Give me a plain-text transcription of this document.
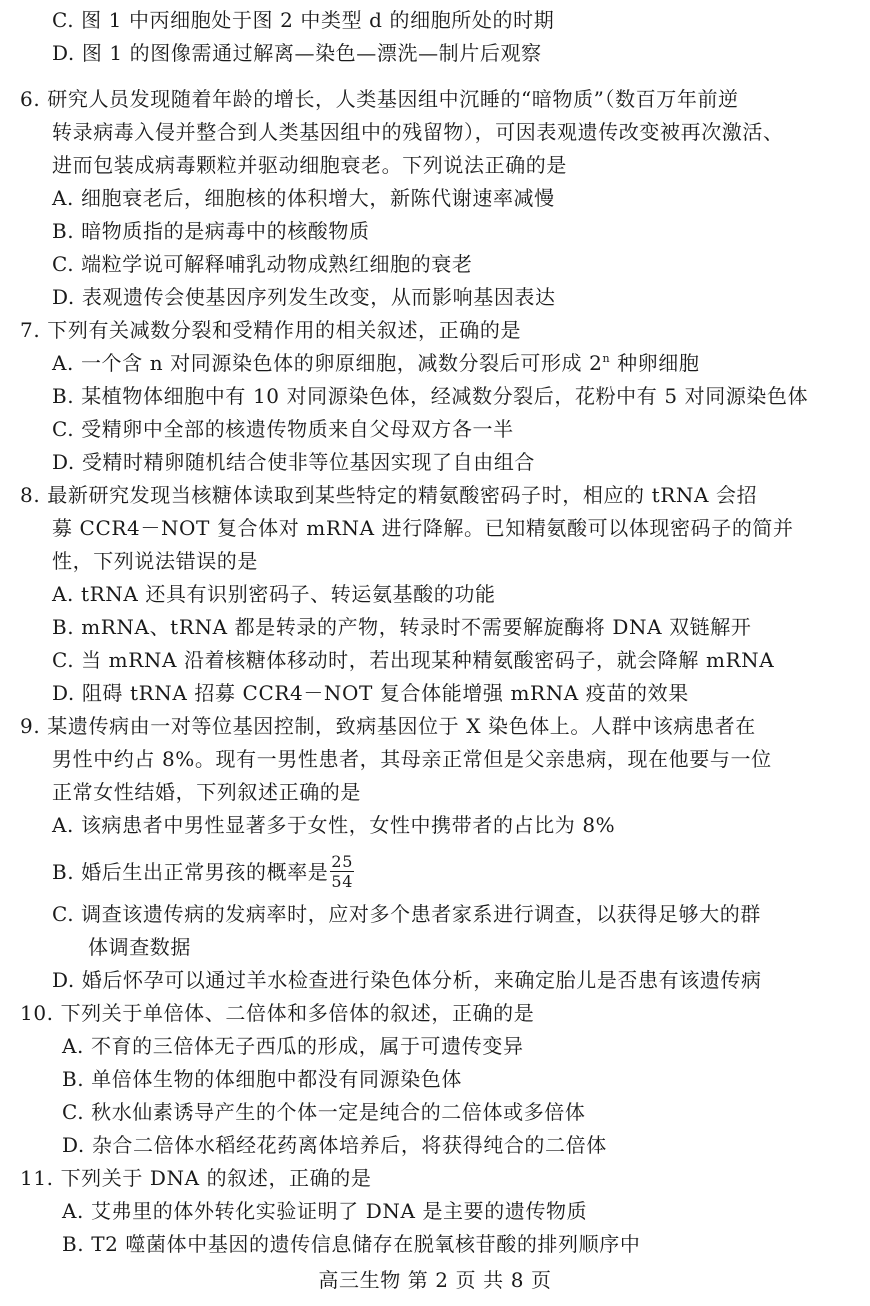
C. 图 1 中丙细胞处于图 2 中类型 d 的细胞所处的时期
D. 图 1 的图像需通过解离—染色—漂洗—制片后观察
6. 研究人员发现随着年龄的增长，人类基因组中沉睡的“暗物质”（数百万年前逆
转录病毒入侵并整合到人类基因组中的残留物），可因表观遗传改变被再次激活、
进而包装成病毒颗粒并驱动细胞衰老。下列说法正确的是
A. 细胞衰老后，细胞核的体积增大，新陈代谢速率减慢
B. 暗物质指的是病毒中的核酸物质
C. 端粒学说可解释哺乳动物成熟红细胞的衰老
D. 表观遗传会使基因序列发生改变，从而影响基因表达
7. 下列有关减数分裂和受精作用的相关叙述，正确的是
A. 一个含 n 对同源染色体的卵原细胞，减数分裂后可形成 2$^n$ 种卵细胞
B. 某植物体细胞中有 10 对同源染色体，经减数分裂后，花粉中有 5 对同源染色体
C. 受精卵中全部的核遗传物质来自父母双方各一半
D. 受精时精卵随机结合使非等位基因实现了自由组合
8. 最新研究发现当核糖体读取到某些特定的精氨酸密码子时，相应的 tRNA 会招
募 CCR4－NOT 复合体对 mRNA 进行降解。已知精氨酸可以体现密码子的简并
性，下列说法错误的是
A. tRNA 还具有识别密码子、转运氨基酸的功能
B. mRNA、tRNA 都是转录的产物，转录时不需要解旋酶将 DNA 双链解开
C. 当 mRNA 沿着核糖体移动时，若出现某种精氨酸密码子，就会降解 mRNA
D. 阻碍 tRNA 招募 CCR4－NOT 复合体能增强 mRNA 疫苗的效果
9. 某遗传病由一对等位基因控制，致病基因位于 X 染色体上。人群中该病患者在
男性中约占 8%。现有一男性患者，其母亲正常但是父亲患病，现在他要与一位
正常女性结婚，下列叙述正确的是
A. 该病患者中男性显著多于女性，女性中携带者的占比为 8%
B. 婚后生出正常男孩的概率是 $\frac{25}{54}$
C. 调查该遗传病的发病率时，应对多个患者家系进行调查，以获得足够大的群
体调查数据
D. 婚后怀孕可以通过羊水检查进行染色体分析，来确定胎儿是否患有该遗传病
10. 下列关于单倍体、二倍体和多倍体的叙述，正确的是
A. 不育的三倍体无子西瓜的形成，属于可遗传变异
B. 单倍体生物的体细胞中都没有同源染色体
C. 秋水仙素诱导产生的个体一定是纯合的二倍体或多倍体
D. 杂合二倍体水稻经花药离体培养后，将获得纯合的二倍体
11. 下列关于 DNA 的叙述，正确的是
A. 艾弗里的体外转化实验证明了 DNA 是主要的遗传物质
B. T2 噬菌体中基因的遗传信息储存在脱氧核苷酸的排列顺序中
高三生物 第 2 页 共 8 页
